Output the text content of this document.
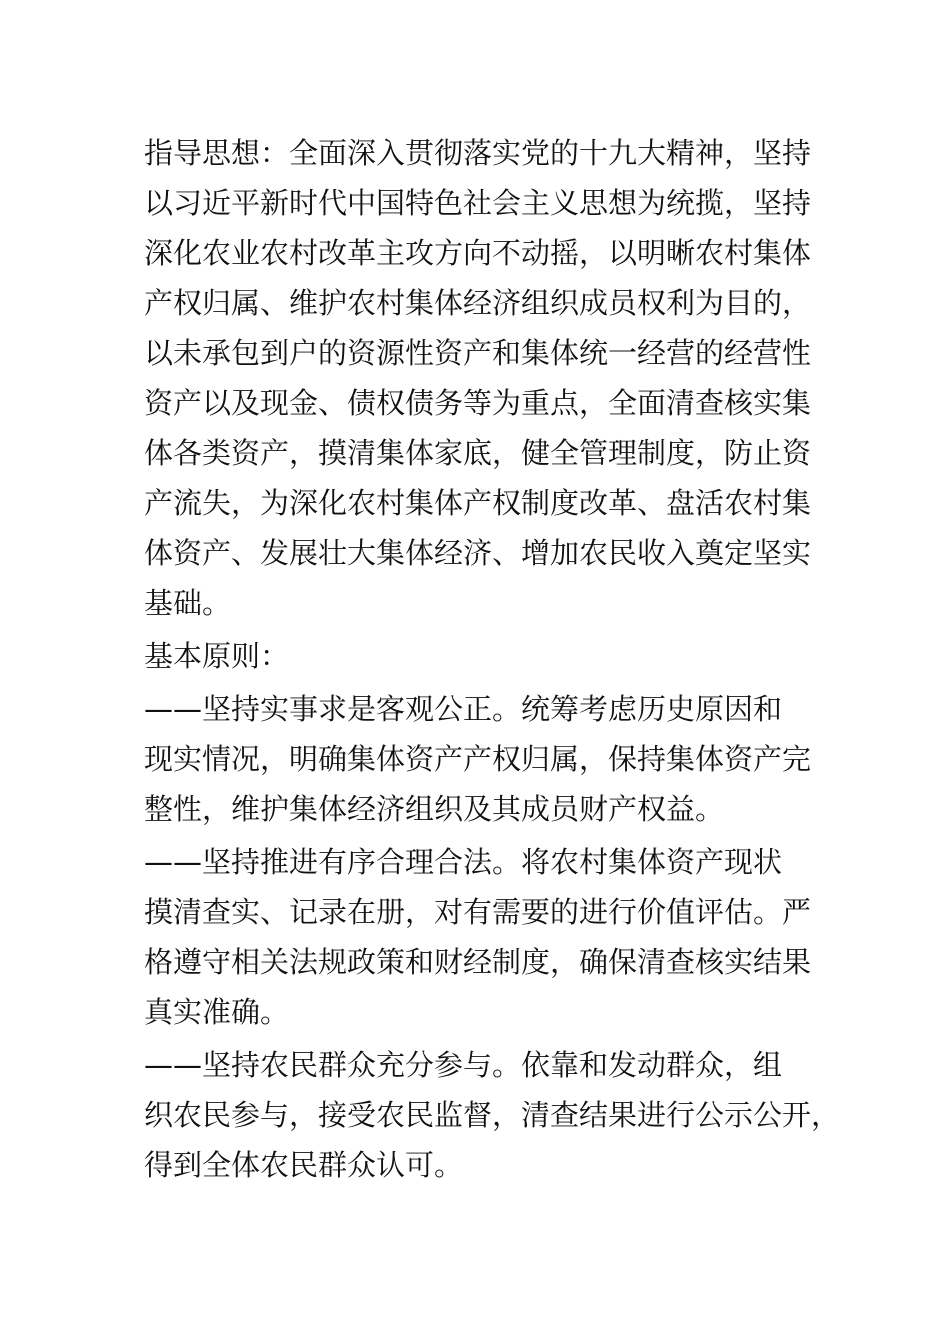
指导思想：全面深入贯彻落实党的十九大精神，坚持
以习近平新时代中国特色社会主义思想为统揽，坚持
深化农业农村改革主攻方向不动摇，以明晰农村集体
产权归属、维护农村集体经济组织成员权利为目的，
以未承包到户的资源性资产和集体统一经营的经营性
资产以及现金、债权债务等为重点，全面清查核实集
体各类资产，摸清集体家底，健全管理制度，防止资
产流失，为深化农村集体产权制度改革、盘活农村集
体资产、发展壮大集体经济、增加农民收入奠定坚实
基础。
基本原则：
——坚持实事求是客观公正。统筹考虑历史原因和
现实情况，明确集体资产产权归属，保持集体资产完
整性，维护集体经济组织及其成员财产权益。
——坚持推进有序合理合法。将农村集体资产现状
摸清查实、记录在册，对有需要的进行价值评估。严
格遵守相关法规政策和财经制度，确保清查核实结果
真实准确。
——坚持农民群众充分参与。依靠和发动群众，组
织农民参与，接受农民监督，清查结果进行公示公开，
得到全体农民群众认可。
